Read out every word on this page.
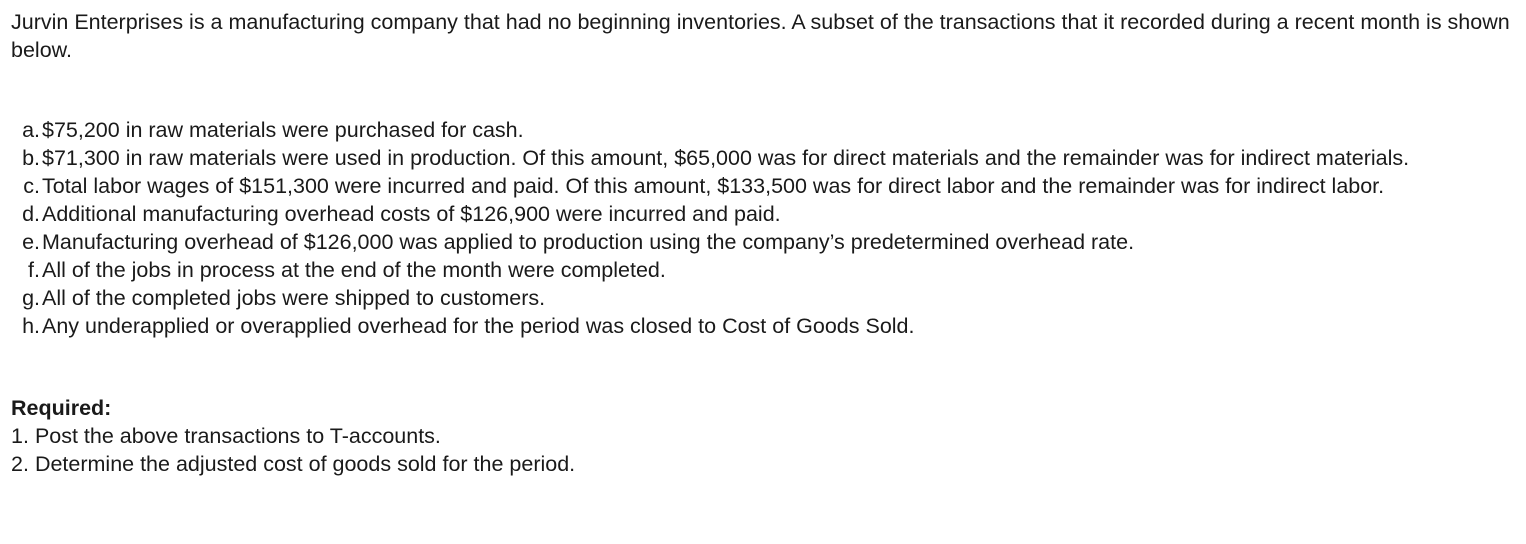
Jurvin Enterprises is a manufacturing company that had no beginning inventories. A subset of the transactions that it recorded during a recent month is shown below.

a. $75,200 in raw materials were purchased for cash.
b. $71,300 in raw materials were used in production. Of this amount, $65,000 was for direct materials and the remainder was for indirect materials.
c. Total labor wages of $151,300 were incurred and paid. Of this amount, $133,500 was for direct labor and the remainder was for indirect labor.
d. Additional manufacturing overhead costs of $126,900 were incurred and paid.
e. Manufacturing overhead of $126,000 was applied to production using the company’s predetermined overhead rate.
f. All of the jobs in process at the end of the month were completed.
g. All of the completed jobs were shipped to customers.
h. Any underapplied or overapplied overhead for the period was closed to Cost of Goods Sold.
Required:
1. Post the above transactions to T-accounts.
2. Determine the adjusted cost of goods sold for the period.
